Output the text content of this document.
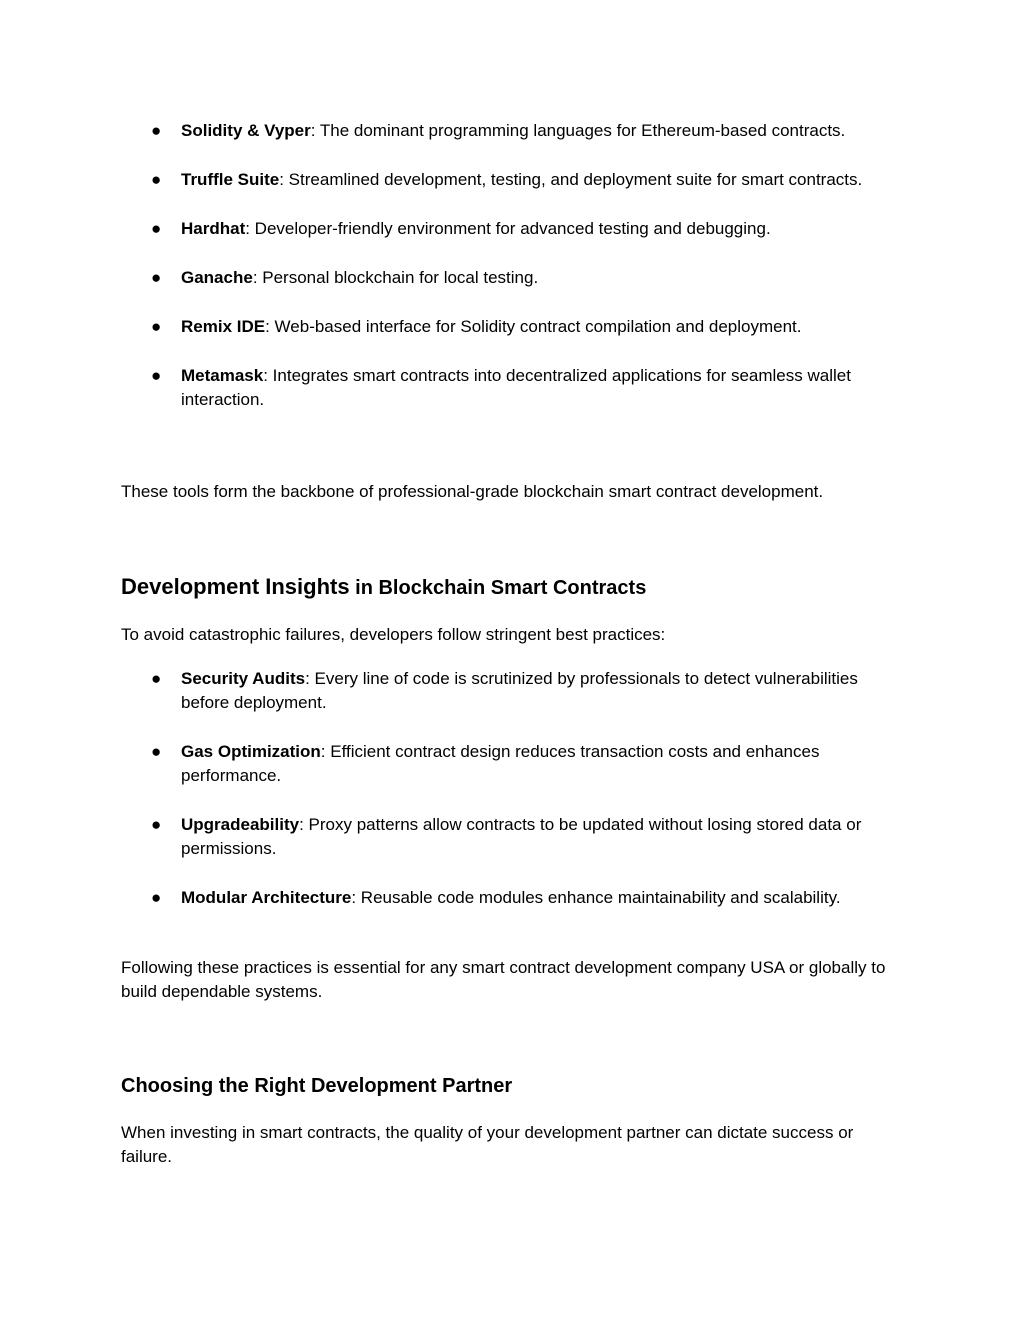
● Solidity & Vyper: The dominant programming languages for Ethereum-based contracts.
● Truffle Suite: Streamlined development, testing, and deployment suite for smart contracts.
● Hardhat: Developer-friendly environment for advanced testing and debugging.
● Ganache: Personal blockchain for local testing.
● Remix IDE: Web-based interface for Solidity contract compilation and deployment.
● Metamask: Integrates smart contracts into decentralized applications for seamless wallet interaction.

These tools form the backbone of professional-grade blockchain smart contract development.

Development Insights in Blockchain Smart Contracts

To avoid catastrophic failures, developers follow stringent best practices:

● Security Audits: Every line of code is scrutinized by professionals to detect vulnerabilities before deployment.
● Gas Optimization: Efficient contract design reduces transaction costs and enhances performance.
● Upgradeability: Proxy patterns allow contracts to be updated without losing stored data or permissions.
● Modular Architecture: Reusable code modules enhance maintainability and scalability.

Following these practices is essential for any smart contract development company USA or globally to build dependable systems.

Choosing the Right Development Partner

When investing in smart contracts, the quality of your development partner can dictate success or failure.
